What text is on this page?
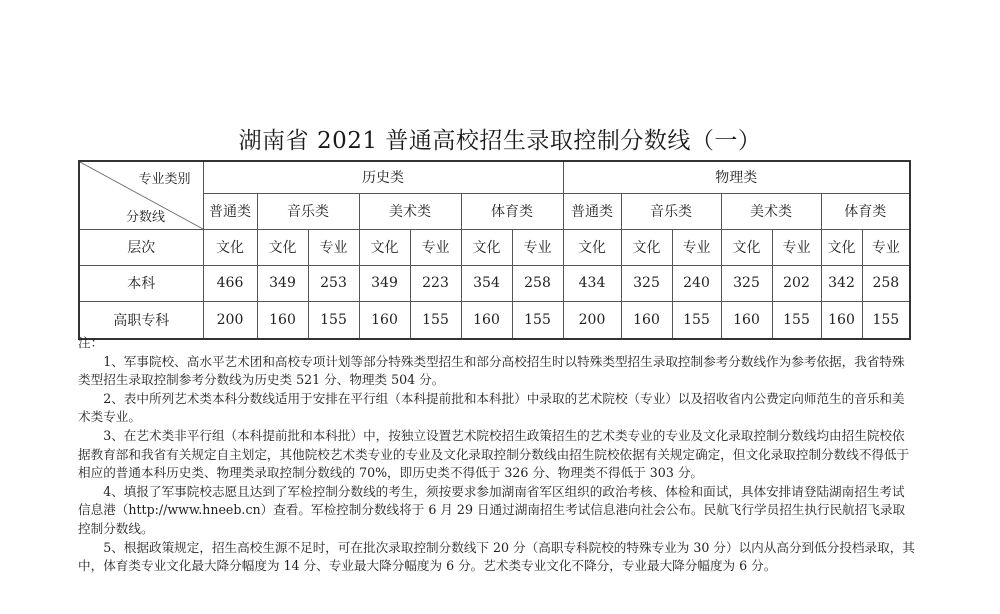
湖南省 2021 普通高校招生录取控制分数线（一）
专业类别
分数线	历史类							物理类						
	普通类	音乐类		美术类		体育类		普通类	音乐类		美术类		体育类	
层次	文化	文化	专业	文化	专业	文化	专业	文化	文化	专业	文化	专业	文化	专业
本科	466	349	253	349	223	354	258	434	325	240	325	202	342	258
高职专科	200	160	155	160	155	160	155	200	160	155	160	155	160	155

注：

1、军事院校、高水平艺术团和高校专项计划等部分特殊类型招生和部分高校招生时以特殊类型招生录取控制参考分数线作为参考依据，我省特殊类型招生录取控制参考分数线为历史类 521 分、物理类 504 分。

2、表中所列艺术类本科分数线适用于安排在平行组（本科提前批和本科批）中录取的艺术院校（专业）以及招收省内公费定向师范生的音乐和美术类专业。

3、在艺术类非平行组（本科提前批和本科批）中，按独立设置艺术院校招生政策招生的艺术类专业的专业及文化录取控制分数线均由招生院校依据教育部和我省有关规定自主划定，其他院校艺术类专业的专业及文化录取控制分数线由招生院校依据有关规定确定，但文化录取控制分数线不得低于相应的普通本科历史类、物理类录取控制分数线的 70%，即历史类不得低于 326 分、物理类不得低于 303 分。

4、填报了军事院校志愿且达到了军检控制分数线的考生，须按要求参加湖南省军区组织的政治考核、体检和面试，具体安排请登陆湖南招生考试信息港（http://www.hneeb.cn）查看。军检控制分数线将于 6 月 29 日通过湖南招生考试信息港向社会公布。民航飞行学员招生执行民航招飞录取控制分数线。

5、根据政策规定，招生高校生源不足时，可在批次录取控制分数线下 20 分（高职专科院校的特殊专业为 30 分）以内从高分到低分投档录取，其中，体育类专业文化最大降分幅度为 14 分、专业最大降分幅度为 6 分。艺术类专业文化不降分，专业最大降分幅度为 6 分。
